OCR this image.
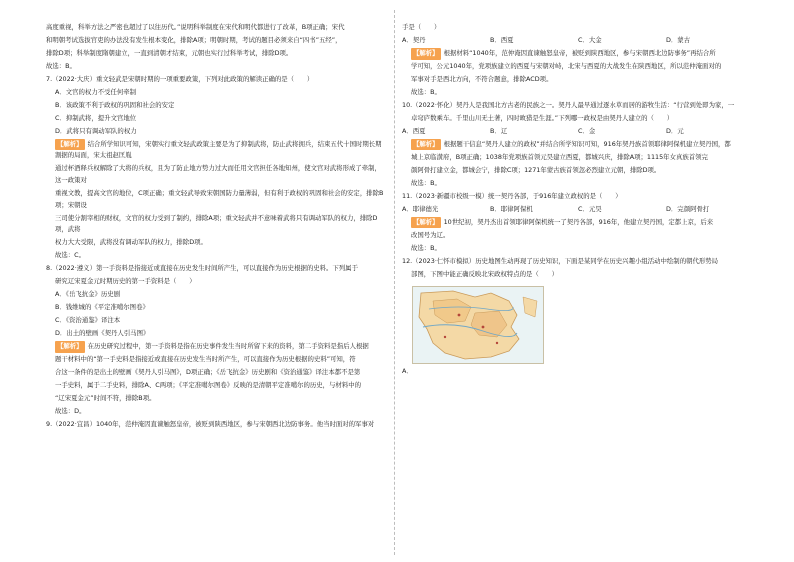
高度重视，科举方法之严密也超过了以往历代。”说明科举制度在宋代和明代都进行了改革，B项正确；宋代

和明朝考试选拔官吏的办法没有发生根本变化，排除A项；明朝时期，考试的题目必须来自“四书”五经”，

排除D项；科举制度隋朝建立，一直到清朝才结束，元朝也实行过科举考试，排除D项。

故选：B。

7.（2022·大庆）重文轻武是宋朝时期的一项重要政策，下列对此政策的解读正确的是（　　）

A．文官的权力不受任何牵制

B．该政策不利于政权的巩固和社会的安定

C．抑制武将，提升文官地位

D．武将只有调动军队的权力

【解析】 结合所学知识可知，宋朝实行重文轻武政策主要是为了抑制武将，防止武将拥兵，结束五代十国时期长期割据的局面，宋太祖赵匡胤

通过杯酒释兵权解除了大将的兵权，且为了防止地方势力过大而任用文官担任各地知州，使文官对武将形成了牵制，这一政策对

重视文教，提高文官的地位，C项正确；重文轻武导致宋朝国防力量薄弱，但有利于政权的巩固和社会的安定，排除B项；宋朝设

三司使分割宰相的财权，文官的权力受到了制约，排除A项；重文轻武并不意味着武将只有调动军队的权力，排除D项，武将

权力大大受限，武将没有调动军队的权力，排除D项。

故选：C。

8.（2022·遵义）第一手资料是指接近或直接在历史发生时间所产生，可以直接作为历史根据的史料。下列属于

研究辽宋夏金元时期历史的第一手资料是（　　）

A．《岳飞抗金》历史剧

B．钱维城的《平定准噶尔图卷》

C．《资治通鉴》译注本

D．出土的壁画《契丹人引马图》

【解析】 在历史研究过程中，第一手资料是指在历史事件发生当时所留下来的资料，第二手资料是指后人根据

题干材料中的“第一手史料是指接近或直接在历史发生当时所产生，可以直接作为历史根据的史料”可知，符

合这一条件的是出土的壁画《契丹人引马图》，D项正确；《岳飞抗金》历史剧和《资治通鉴》译注本都不是第

一手史料，属于二手史料，排除A、C两项；《平定准噶尔图卷》反映的是清朝平定准噶尔的历史，与材料中的

“辽宋夏金元”时间不符，排除B项。

故选：D。

9.（2022·宜昌）1040年，范仲淹因直谏触怒皇帝，被贬到陕西地区，参与宋朝西北边防事务。他当时面对的军事对

手是（　　）

A．契丹	B．西夏	C．大金	D．蒙古

【解析】 根据材料“1040年，范仲淹因直谏触怒皇帝，被贬到陕西地区，参与宋朝西北边防事务”再结合所

学可知，公元1040年，党项族建立的西夏与宋朝对峙，北宋与西夏的大战发生在陕西地区，所以范仲淹面对的

军事对手是西北方向，不符合题意，排除ACD项。

故选：B。

10.（2022·怀化）契丹人是我国北方古老的民族之一。契丹人最早通过逐水草而居的游牧生活：“行营到处即为家，一

卓穹庐数乘车。千里山川无土著，四时畋猎是生涯。”下列哪一政权是由契丹人建立的（　　）

A．西夏	B．辽	C．金	D．元

【解析】 根据题干信息“契丹人建立的政权”并结合所学知识可知，916年契丹族首领耶律阿保机建立契丹国，都

城上京临潢府，B项正确；1038年党项族首领元昊建立西夏，都城兴庆，排除A项；1115年女真族首领完

颜阿骨打建立金，都城会宁，排除C项；1271年蒙古族首领忽必烈建立元朝，排除D项。

故选：B。

11.（2023·新疆市校级一模）统一契丹各部，于916年建立政权的是（　　）

A．耶律德光	B．耶律阿保机	C．元昊	D．完颜阿骨打

【解析】 10世纪初，契丹杰出首领耶律阿保机统一了契丹各部，916年，他建立契丹国，定都上京，后来

改国号为辽。

故选：B。

12.（2023·仁怀市模拟）历史地图生动再现了历史知识，下面是某同学在历史兴趣小组活动中绘制的朝代形势局

部图，下图中能正确反映北宋政权特点的是（　　）

A．
